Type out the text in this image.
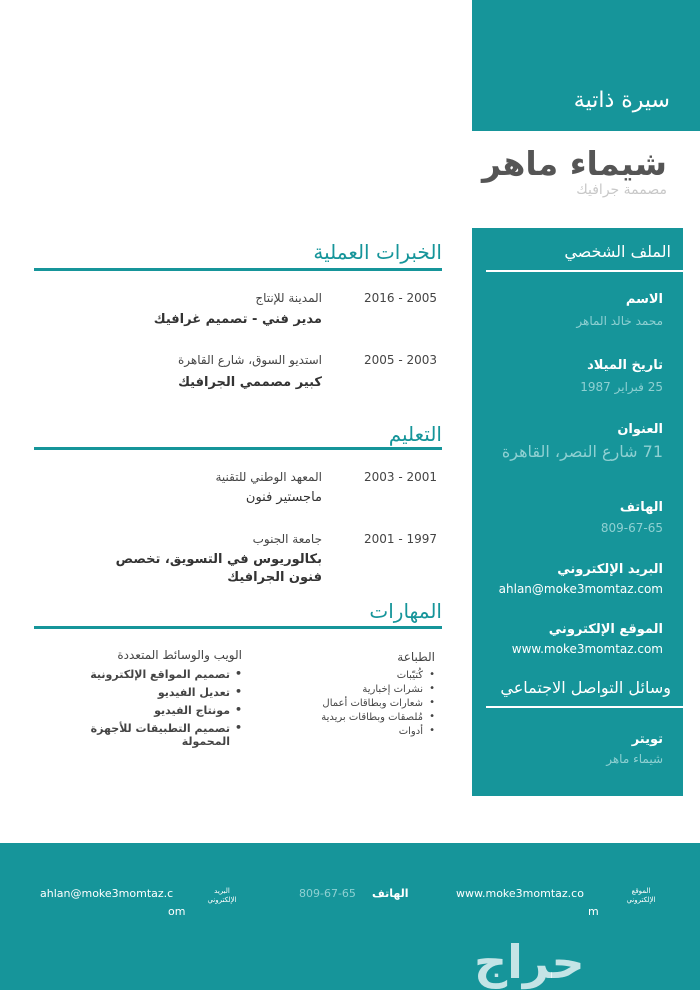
سيرة ذاتية
شيماء ماهر
مصممة جرافيك
الملف الشخصي
الاسم
محمد خالد الماهر
تاريخ الميلاد
25 فبراير 1987
العنوان
71 شارع النصر، القاهرة
الهاتف
809-67-65
البريد الإلكتروني
ahlan@moke3momtaz.com
الموقع الإلكتروني
www.moke3momtaz.com
وسائل التواصل الاجتماعي
تويتر
شيماء ماهر
الخبرات العملية
2016 - 2005
المدينة للإنتاج
مدير فني - تصميم غرافيك
2005 - 2003
استديو السوق، شارع القاهرة
كبير مصممي الجرافيك
التعليم
2003 - 2001
المعهد الوطني للتقنية
ماجستير فنون
2001 - 1997
جامعة الجنوب
بكالوريوس في التسويق، تخصص فنون الجرافيك
المهارات
الطباعة
• كُتيّبات
• نشرات إخبارية
• شعارات وبطاقات أعمال
• مُلصقات وبطاقات بريدية
• أدوات
الويب والوسائط المتعددة
• تصميم المواقع الإلكترونية
• تعديل الفيديو
• مونتاج الفيديو
• تصميم التطبيقات للأجهزة المحمولة
الموقع الإلكتروني
www.moke3momtaz.co
m
الهاتف
809-67-65
البريد الإلكتروني
ahlan@moke3momtaz.c
om
حراج
